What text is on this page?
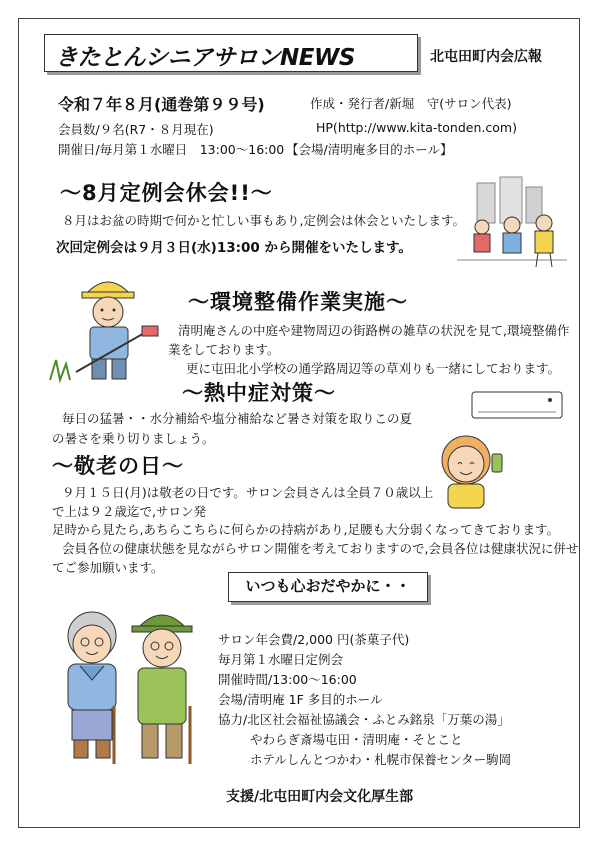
きたとんシニアサロンNEWS	北屯田町内会広報
令和７年８月(通巻第９９号)	作成・発行者/新堀　守(サロン代表)
会員数/９名(R7・８月現在)	HP(http://www.kita-tonden.com)
開催日/毎月第１水曜日　13:00〜16:00 【会場/清明庵多目的ホール】
〜8月定例会休会!!〜
８月はお盆の時期で何かと忙しい事もあり,定例会は休会といたします。
次回定例会は９月３日(水)13:00 から開催をいたします。
〜環境整備作業実施〜
清明庵さんの中庭や建物周辺の街路桝の雑草の状況を見て,環境整備作
業をしております。
更に屯田北小学校の通学路周辺等の草刈りも一緒にしております。
〜熱中症対策〜
毎日の猛暑・・水分補給や塩分補給など暑さ対策を取りこの夏
の暑さを乗り切りましょう。
〜敬老の日〜
９月１５日(月)は敬老の日です。サロン会員さんは全員７０歳以上
で上は９２歳迄で,サロン発
足時から見たら,あちらこちらに何らかの持病があり,足腰も大分弱くなってきております。
会員各位の健康状態を見ながらサロン開催を考えておりますので,会員各位は健康状況に併せ
てご参加願います。
いつも心おだやかに・・
サロン年会費/2,000 円(茶菓子代)
毎月第１水曜日定例会
開催時間/13:00〜16:00
会場/清明庵 1F 多目的ホール
協力/北区社会福祉協議会・ふとみ銘泉「万葉の湯」
やわらぎ斎場屯田・清明庵・そとこと
ホテルしんとつかわ・札幌市保養センター駒岡
支援/北屯田町内会文化厚生部
